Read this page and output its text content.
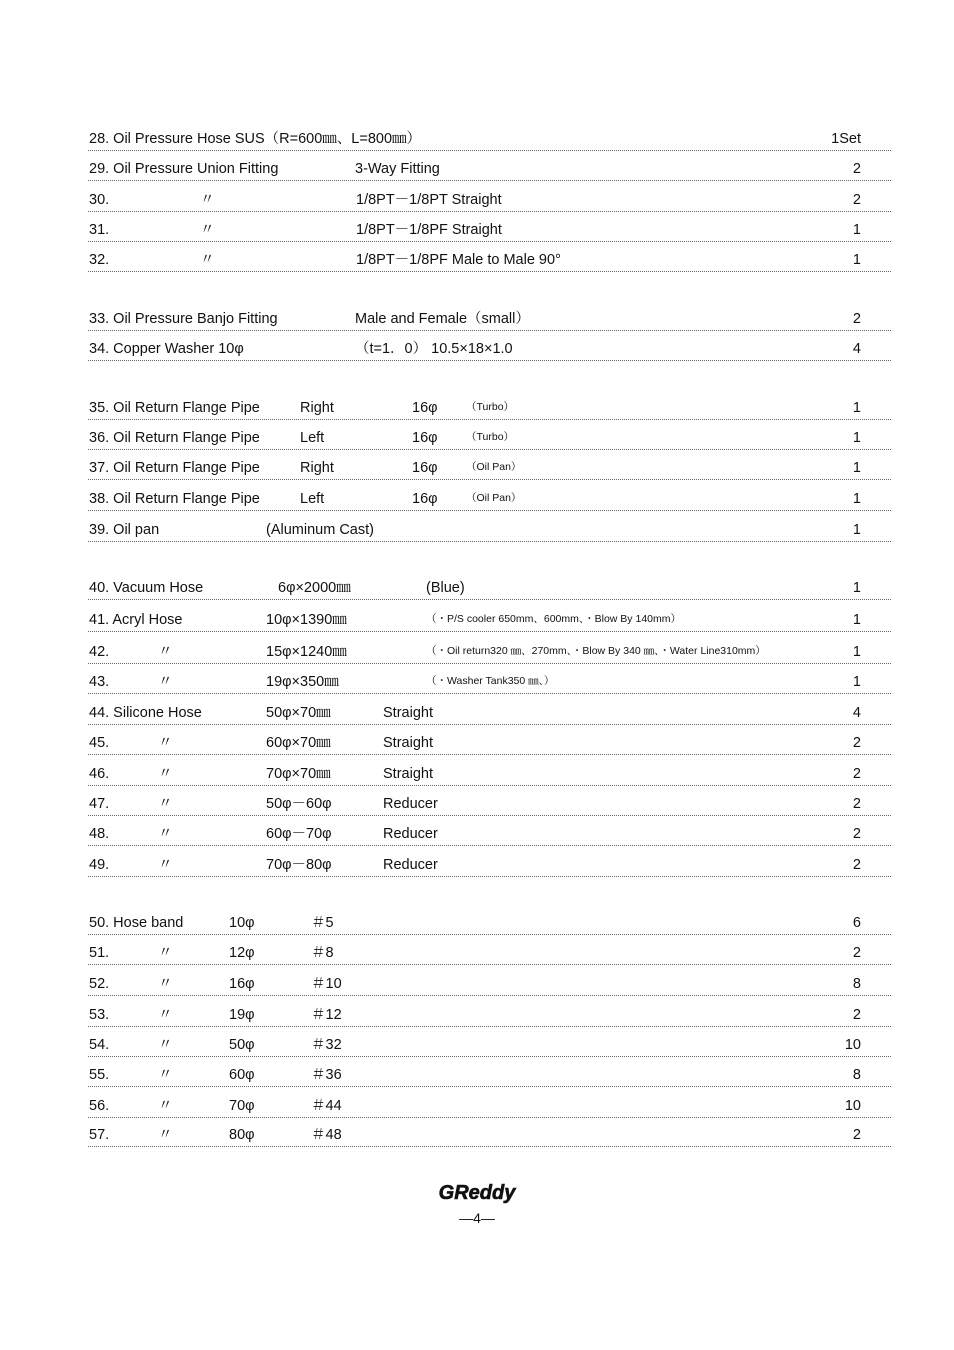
28. Oil Pressure Hose SUS（R=600㎜、L=800㎜）	1Set
29. Oil Pressure Union Fitting	3-Way Fitting	2
30.	〃	1/8PT－1/8PT Straight	2
31.	〃	1/8PT－1/8PF Straight	1
32.	〃	1/8PT－1/8PF Male to Male 90°	1
33. Oil Pressure Banjo Fitting	Male and Female（small）	2
34. Copper Washer 10φ	（t=1．0） 10.5×18×1.0	4
35. Oil Return Flange Pipe	Right	16φ	（Turbo）	1
36. Oil Return Flange Pipe	Left	16φ	（Turbo）	1
37. Oil Return Flange Pipe	Right	16φ	（Oil Pan）	1
38. Oil Return Flange Pipe	Left	16φ	（Oil Pan）	1
39. Oil pan	(Aluminum Cast)	1
40. Vacuum Hose	6φ×2000㎜	(Blue)	1
41. Acryl Hose	10φ×1390㎜	（・P/S cooler 650mm、600mm、・Blow By 140mm）	1
42.	〃	15φ×1240㎜	（・Oil return320 ㎜、270mm、・Blow By 340 ㎜、・Water Line310mm）	1
43.	〃	19φ×350㎜	（・Washer Tank350 ㎜、）	1
44. Silicone Hose	50φ×70㎜	Straight	4
45.	〃	60φ×70㎜	Straight	2
46.	〃	70φ×70㎜	Straight	2
47.	〃	50φ－60φ	Reducer	2
48.	〃	60φ－70φ	Reducer	2
49.	〃	70φ－80φ	Reducer	2
50. Hose band	10φ	＃5	6
51.	〃	12φ	＃8	2
52.	〃	16φ	＃10	8
53.	〃	19φ	＃12	2
54.	〃	50φ	＃32	10
55.	〃	60φ	＃36	8
56.	〃	70φ	＃44	10
57.	〃	80φ	＃48	2
GReddy
—4—
